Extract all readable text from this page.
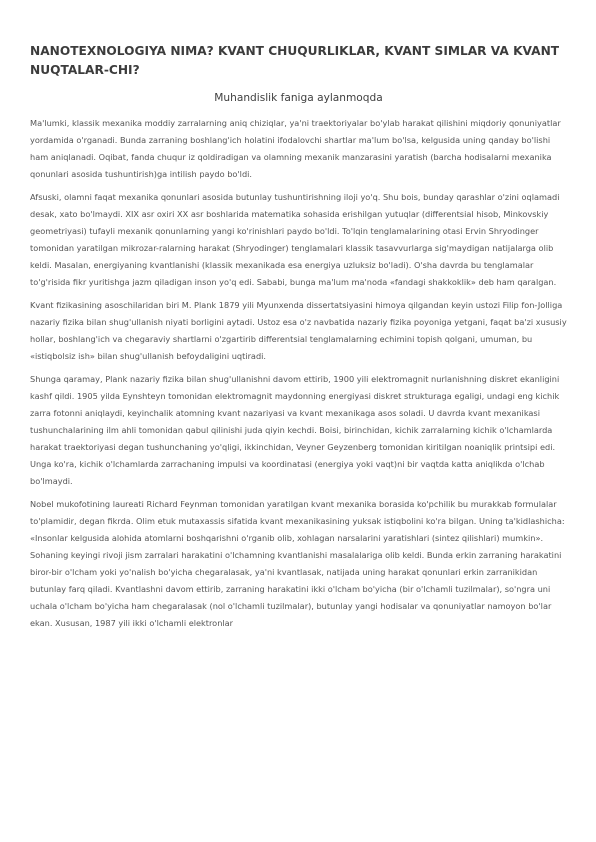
NANOTEXNOLOGIYA NIMA? KVANT CHUQURLIKLAR, KVANT SIMLAR VA KVANT NUQTALAR-CHI?
Muhandislik faniga aylanmoqda

Ma'lumki, klassik mexanika moddiy zarralarning aniq chiziqlar, ya'ni traektoriyalar bo'ylab harakat qilishini miqdoriy qonuniyatlar yordamida o'rganadi. Bunda zarraning boshlang'ich holatini ifodalovchi shartlar ma'lum bo'lsa, kelgusida uning qanday bo'lishi ham aniqlanadi. Oqibat, fanda chuqur iz qoldiradigan va olamning mexanik manzarasini yaratish (barcha hodisalarni mexanika qonunlari asosida tushuntirish)ga intilish paydo bo'ldi.

Afsuski, olamni faqat mexanika qonunlari asosida butunlay tushuntirishning iloji yo'q. Shu bois, bunday qarashlar o'zini oqlamadi desak, xato bo'lmaydi. XIX asr oxiri XX asr boshlarida matematika sohasida erishilgan yutuqlar (differentsial hisob, Minkovskiy geometriyasi) tufayli mexanik qonunlarning yangi ko'rinishlari paydo bo'ldi. To'lqin tenglamalarining otasi Ervin Shryodinger tomonidan yaratilgan mikrozar-ralarning harakat (Shryodinger) tenglamalari klassik tasavvurlarga sig'maydigan natijalarga olib keldi. Masalan, energiyaning kvantlanishi (klassik mexanikada esa energiya uzluksiz bo'ladi). O'sha davrda bu tenglamalar to'g'risida fikr yuritishga jazm qiladigan inson yo'q edi. Sababi, bunga ma'lum ma'noda «fandagi shakkoklik» deb ham qaralgan.

Kvant fizikasining asoschilaridan biri M. Plank 1879 yili Myunxenda dissertatsiyasini himoya qilgandan keyin ustozi Filip fon-Jolliga nazariy fizika bilan shug'ullanish niyati borligini aytadi. Ustoz esa o'z navbatida nazariy fizika poyoniga yetgani, faqat ba'zi xususiy hollar, boshlang'ich va chegaraviy shartlarni o'zgartirib differentsial tenglamalarning echimini topish qolgani, umuman, bu «istiqbolsiz ish» bilan shug'ullanish befoydaligini uqtiradi.

Shunga qaramay, Plank nazariy fizika bilan shug'ullanishni davom ettirib, 1900 yili elektromagnit nurlanishning diskret ekanligini kashf qildi. 1905 yilda Eynshteyn tomonidan elektromagnit maydonning energiyasi diskret strukturaga egaligi, undagi eng kichik zarra fotonni aniqlaydi, keyinchalik atomning kvant nazariyasi va kvant mexanikaga asos soladi. U davrda kvant mexanikasi tushunchalarining ilm ahli tomonidan qabul qilinishi juda qiyin kechdi. Boisi, birinchidan, kichik zarralarning kichik o'lchamlarda harakat traektoriyasi degan tushunchaning yo'qligi, ikkinchidan, Veyner Geyzenberg tomonidan kiritilgan noaniqlik printsipi edi. Unga ko'ra, kichik o'lchamlarda zarrachaning impulsi va koordinatasi (energiya yoki vaqt)ni bir vaqtda katta aniqlikda o'lchab bo'lmaydi.

Nobel mukofotining laureati Richard Feynman tomonidan yaratilgan kvant mexanika borasida ko'pchilik bu murakkab formulalar to'plamidir, degan fikrda. Olim etuk mutaxassis sifatida kvant mexanikasining yuksak istiqbolini ko'ra bilgan. Uning ta'kidlashicha: «Insonlar kelgusida alohida atomlarni boshqarishni o'rganib olib, xohlagan narsalarini yaratishlari (sintez qilishlari) mumkin». Sohaning keyingi rivoji jism zarralari harakatini o'lchamning kvantlanishi masalalariga olib keldi. Bunda erkin zarraning harakatini biror-bir o'lcham yoki yo'nalish bo'yicha chegaralasak, ya'ni kvantlasak, natijada uning harakat qonunlari erkin zarranikidan butunlay farq qiladi. Kvantlashni davom ettirib, zarraning harakatini ikki o'lcham bo'yicha (bir o'lchamli tuzilmalar), so'ngra uni uchala o'lcham bo'yicha ham chegaralasak (nol o'lchamli tuzilmalar), butunlay yangi hodisalar va qonuniyatlar namoyon bo'lar ekan. Xususan, 1987 yili ikki o'lchamli elektronlar
